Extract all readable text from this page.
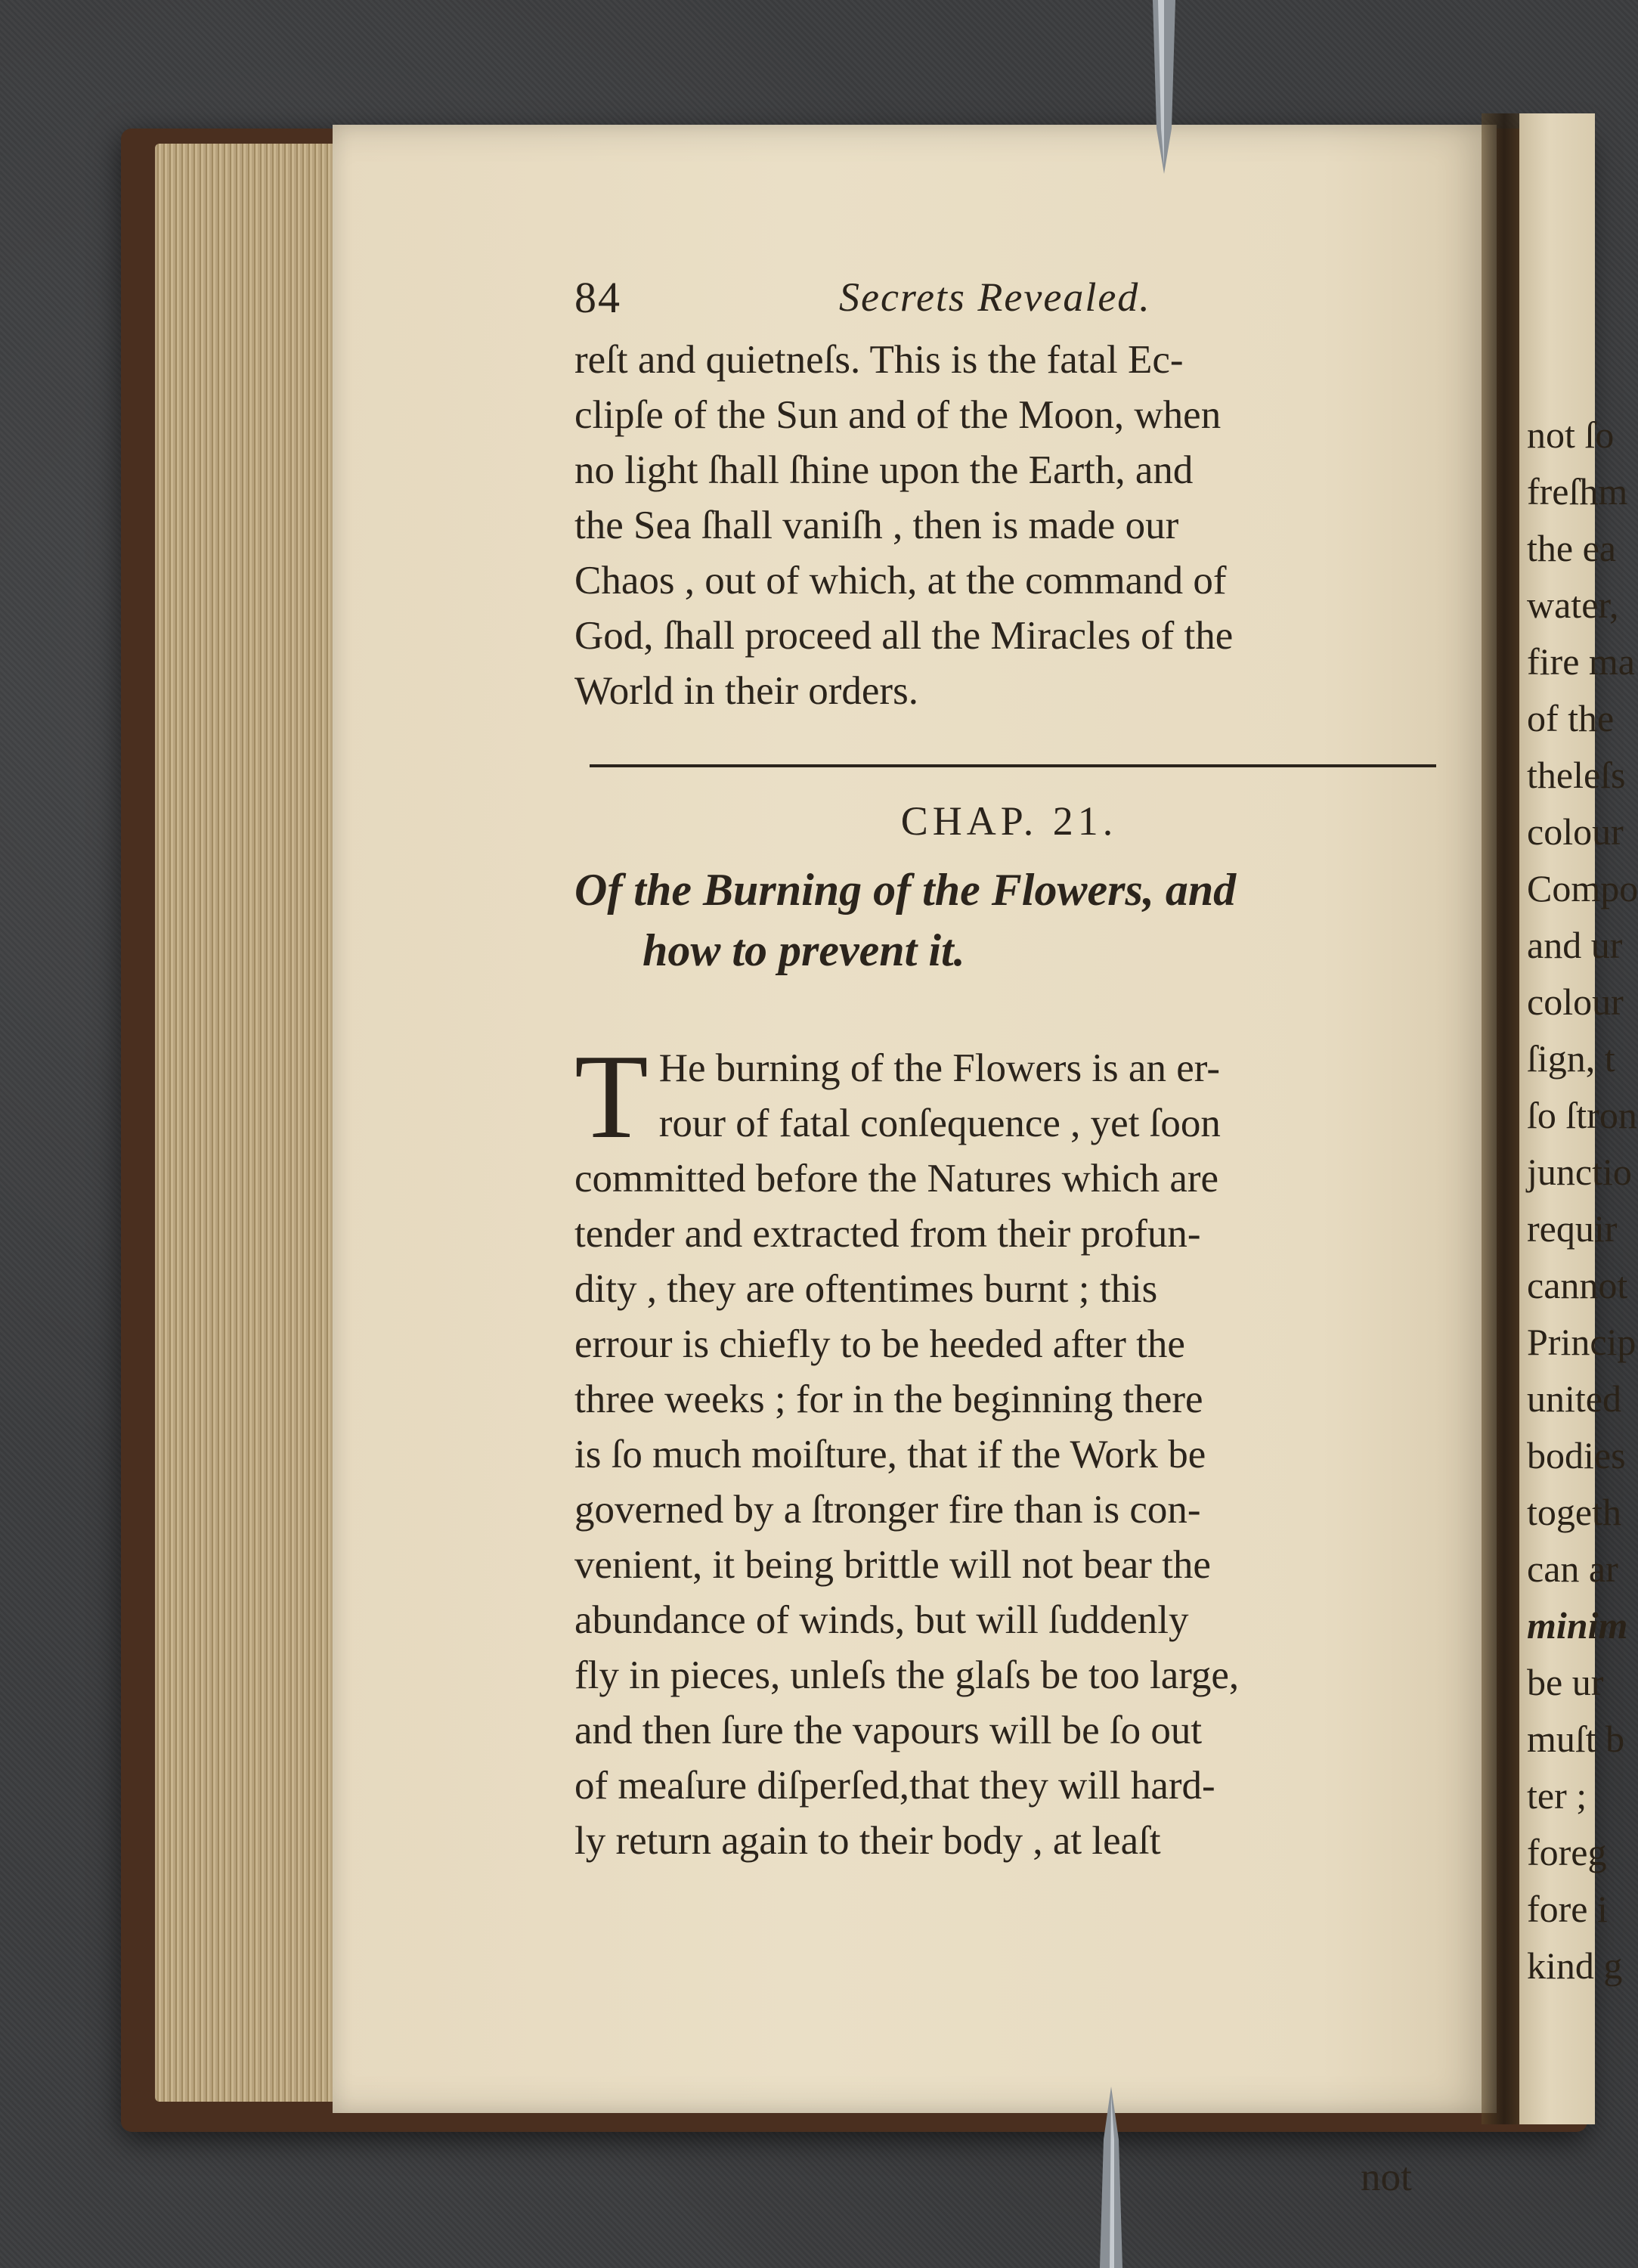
not ſo
freſhm
the ea
water,
fire ma
of the
theleſs
colour
Compo
and ur
colour
ſign, t
ſo ſtron
junctio
requir
cannot
Princip
united
bodies
togeth
can ar
minim
be ur
muſt b
ter ;
foreg
fore i
kind g
84	Secrets Revealed.

reſt and quietneſs. This is the fatal Ec-
clipſe of the Sun and of the Moon, when
no light ſhall ſhine upon the Earth, and
the Sea ſhall vaniſh , then is made our
Chaos , out of which, at the command of
God, ſhall proceed all the Miracles of the
World in their orders.

CHAP. 21.
Of the Burning of the Flowers, and
how to prevent it.

T He burning of the Flowers is an er-
rour of fatal conſequence , yet ſoon
committed before the Natures which are
tender and extracted from their profun-
dity , they are oftentimes burnt ; this
errour is chiefly to be heeded after the
three weeks ; for in the beginning there
is ſo much moiſture, that if the Work be
governed by a ſtronger fire than is con-
venient, it being brittle will not bear the
abundance of winds, but will ſuddenly
fly in pieces, unleſs the glaſs be too large,
and then ſure the vapours will be ſo out
of meaſure diſperſed,that they will hard-
ly return again to their body , at leaſt

not
